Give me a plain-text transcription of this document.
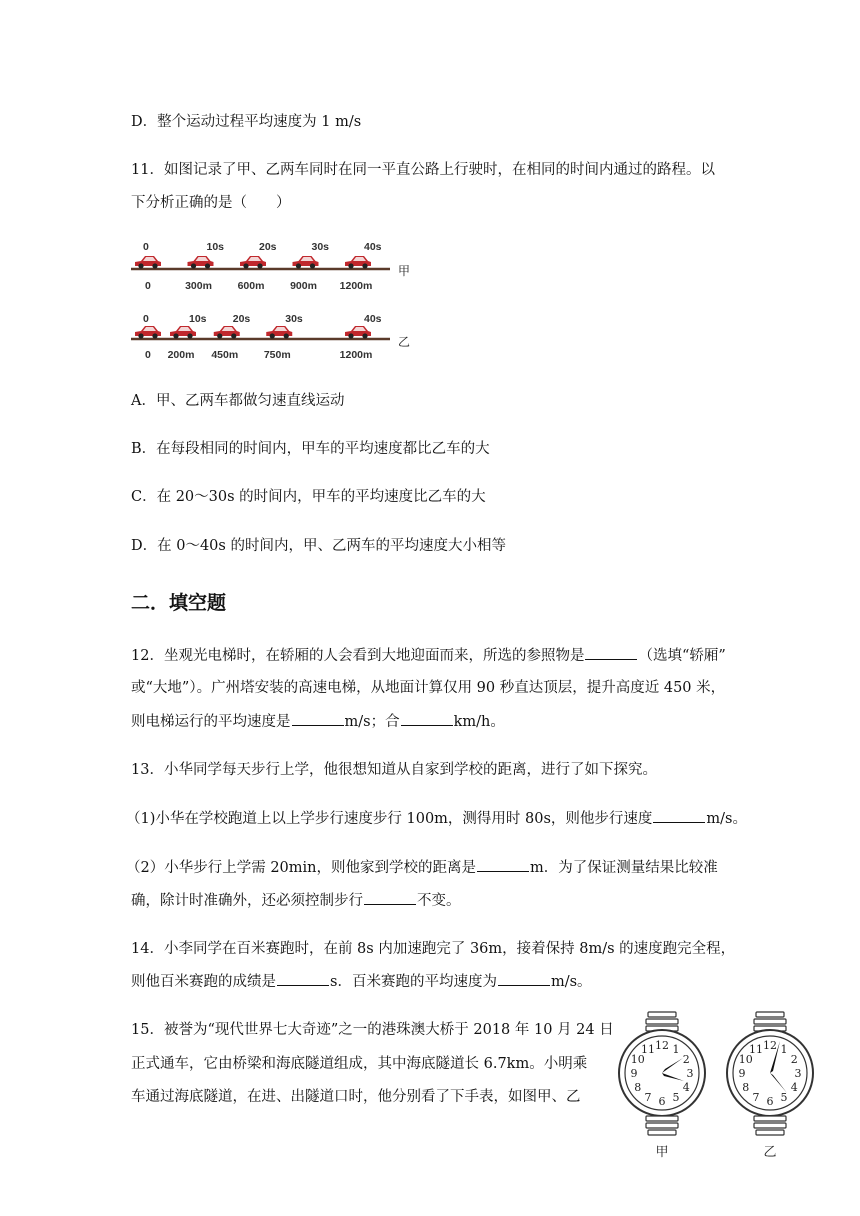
D．整个运动过程平均速度为 1 m/s
11．如图记录了甲、乙两车同时在同一平直公路上行驶时，在相同的时间内通过的路程。以
下分析正确的是（　　）
0	10s	20s	30s	40s
0	300m 600m 900m 1200m
甲
0	10s 20s	30s	40s
0 200m 450m 750m	1200m
乙
A．甲、乙两车都做匀速直线运动
B．在每段相同的时间内，甲车的平均速度都比乙车的大
C．在 20～30s 的时间内，甲车的平均速度比乙车的大
D．在 0～40s 的时间内，甲、乙两车的平均速度大小相等
二．填空题
12．坐观光电梯时，在轿厢的人会看到大地迎面而来，所选的参照物是	（选填“轿厢”
或“大地”）。广州塔安装的高速电梯，从地面计算仅用 90 秒直达顶层，提升高度近 450 米，
则电梯运行的平均速度是	m/s；合	km/h。
13．小华同学每天步行上学，他很想知道从自家到学校的距离，进行了如下探究。
（1)小华在学校跑道上以上学步行速度步行 100m，测得用时 80s，则他步行速度	m/s。
（2）小华步行上学需 20min，则他家到学校的距离是	m．为了保证测量结果比较准
确，除计时准确外，还必须控制步行	不变。
14．小李同学在百米赛跑时，在前 8s 内加速跑完了 36m，接着保持 8m/s 的速度跑完全程，
则他百米赛跑的成绩是	s．百米赛跑的平均速度为	m/s。
15．被誉为“现代世界七大奇迹”之一的港珠澳大桥于 2018 年 10 月 24 日
正式通车，它由桥梁和海底隧道组成，其中海底隧道长 6.7km。小明乘
车通过海底隧道，在进、出隧道口时，他分别看了下手表，如图甲、乙
12 1
2
3
4
5
6
7
8
9
10
11
甲
12 1
2
3
4
5
6
7
8
9
10
11
乙
